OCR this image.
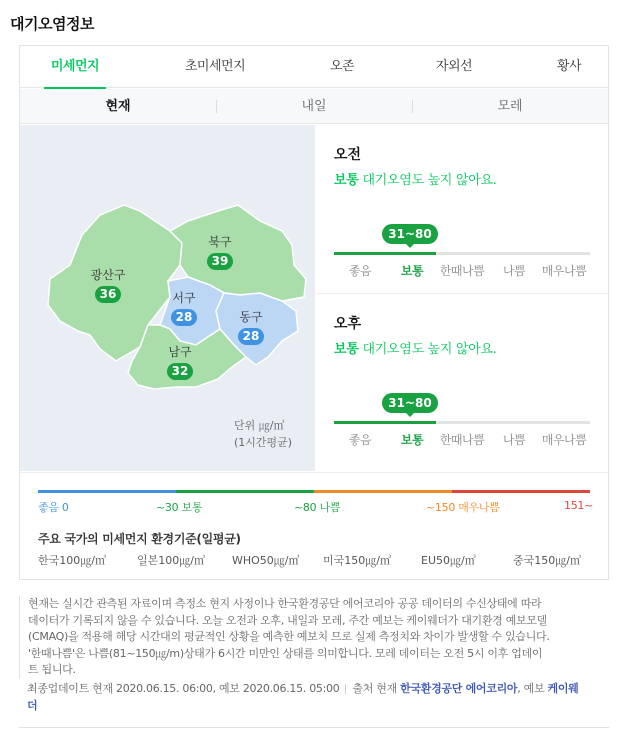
대기오염정보
미세먼지	초미세먼지	오존	자외선	황사
현재	내일	모레
광산구
36
북구
39
서구
28	동구
28
남구
32
단위 ㎍/㎥
(1시간평균)
오전
보통 대기오염도 높지 않아요.
31~80
좋음	보통	한때나쁨	나쁨	매우나쁨
오후
보통 대기오염도 높지 않아요.
31~80
좋음	보통	한때나쁨	나쁨	매우나쁨
좋음 0	~30 보통	~80 나쁨	~150 매우나쁨	151~
주요 국가의 미세먼지 환경기준(일평균)
한국100㎍/㎥	일본100㎍/㎥ WHO50㎍/㎥ 미국150㎍/㎥	EU50㎍/㎥	중국150㎍/㎥

현재는 실시간 관측된 자료이며 측정소 현지 사정이나 한국환경공단 에어코리아 공공 데이터의 수신상태에 따라

데이터가 기록되지 않을 수 있습니다. 오늘 오전과 오후, 내일과 모레, 주간 예보는 케이웨더가 대기환경 예보모델

(CMAQ)을 적용해 해당 시간대의 평균적인 상황을 예측한 예보치 므로 실제 측정치와 차이가 발생할 수 있습니다.

'한때나쁨'은 나쁨(81~150㎍/m)상태가 6시간 미만인 상태를 의미합니다. 모레 데이터는 오전 5시 이후 업데이

트 됩니다.

최종업데이트 현재 2020.06.15. 06:00, 예보 2020.06.15. 05:00 출처 현재 한국환경공단 에어코리아, 예보 케이웨더
